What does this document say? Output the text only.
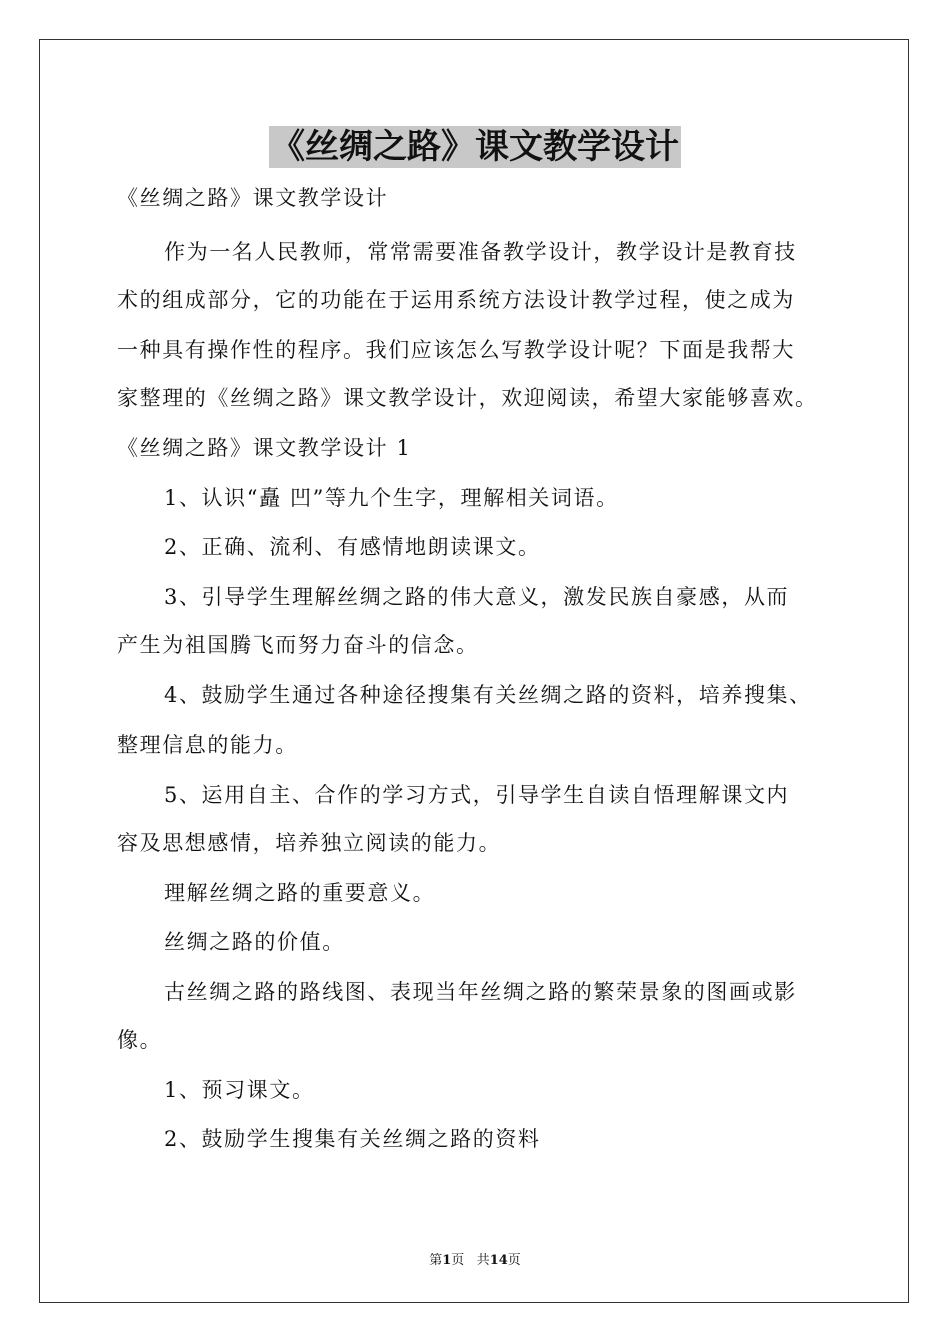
《丝绸之路》课文教学设计
《丝绸之路》课文教学设计
作为一名人民教师，常常需要准备教学设计，教学设计是教育技
术的组成部分，它的功能在于运用系统方法设计教学过程，使之成为
一种具有操作性的程序。我们应该怎么写教学设计呢？下面是我帮大
家整理的《丝绸之路》课文教学设计，欢迎阅读，希望大家能够喜欢。
《丝绸之路》课文教学设计 1
1、认识“矗 凹”等九个生字，理解相关词语。
2、正确、流利、有感情地朗读课文。
3、引导学生理解丝绸之路的伟大意义，激发民族自豪感，从而
产生为祖国腾飞而努力奋斗的信念。
4、鼓励学生通过各种途径搜集有关丝绸之路的资料，培养搜集、
整理信息的能力。
5、运用自主、合作的学习方式，引导学生自读自悟理解课文内
容及思想感情，培养独立阅读的能力。
理解丝绸之路的重要意义。
丝绸之路的价值。
古丝绸之路的路线图、表现当年丝绸之路的繁荣景象的图画或影
像。
1、预习课文。
2、鼓励学生搜集有关丝绸之路的资料
第1页 共14页
